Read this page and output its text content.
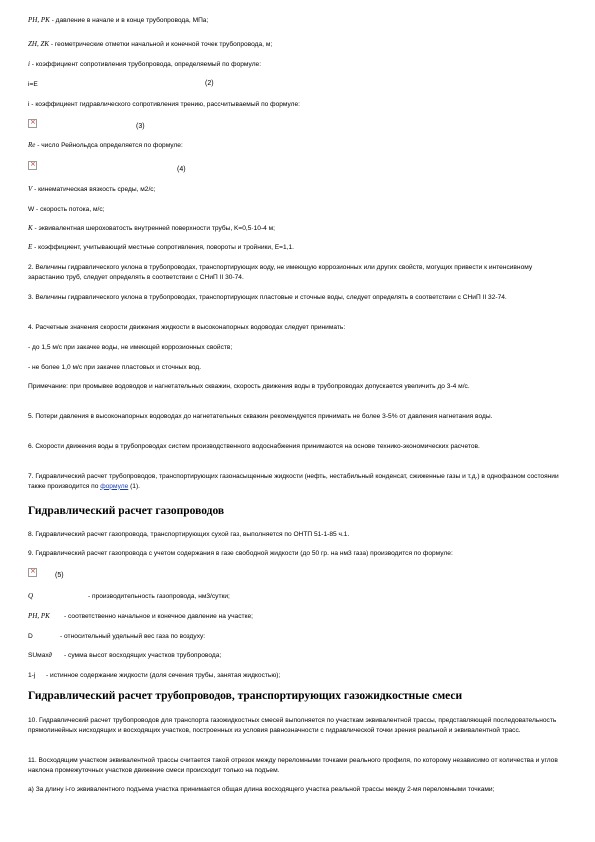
PH, PK - давление в начале и в конце трубопровода, МПа;
ZH, ZK - геометрические отметки начальной и конечной точек трубопровода, м;
i - коэффициент сопротивления трубопровода, определяемый по формуле:
i=E	(2)
i - коэффициент гидравлического сопротивления трению, рассчитываемый по формуле:
×
(3)
Re - число Рейнольдса определяется по формуле:
×
(4)
V - кинематическая вязкость среды, м2/с;
W - скорость потока, м/с;
K - эквивалентная шероховатость внутренней поверхности трубы, K=0,5·10-4 м;
E - коэффициент, учитывающий местные сопротивления, повороты и тройники, E=1,1.
2. Величины гидравлического уклона в трубопроводах, транспортирующих воду, не имеющую коррозионных или других свойств, могущих привести к интенсивному зарастанию труб, следует определять в соответствии с СНиП II 30-74.
3. Величины гидравлического уклона в трубопроводах, транспортирующих пластовые и сточные воды, следует определять в соответствии с СНиП II 32-74.
4. Расчетные значения скорости движения жидкости в высоконапорных водоводах следует принимать:
- до 1,5 м/с при закачке воды, не имеющей коррозионных свойств;
- не более 1,0 м/с при закачке пластовых и сточных вод.
Примечание: при промывке водоводов и нагнетательных скважин, скорость движения воды в трубопроводах допускается увеличить до 3-4 м/с.
5. Потери давления в высоконапорных водоводах до нагнетательных скважин рекомендуется принимать не более 3-5% от давления нагнетания воды.
6. Скорости движения воды в трубопроводах систем производственного водоснабжения принимаются на основе технико-экономических расчетов.
7. Гидравлический расчет трубопроводов, транспортирующих газонасыщенные жидкости (нефть, нестабильный конденсат, сжиженные газы и т.д.) в однофазном состоянии также производится по формуле (1).
Гидравлический расчет газопроводов
8. Гидравлический расчет газопровода, транспортирующих сухой газ, выполняется по ОНТП 51-1-85 ч.1.
9. Гидравлический расчет газопровода с учетом содержания в газе свободной жидкости (до 50 гр. на нм3 газа) производится по формуле:
×
(5)
Q	- производительность газопровода, нм3/сутки;
PH, PK - соответственно начальное и конечное давление на участке;
D	- относительный удельный вес газа по воздуху:
SUмаx∂ - сумма высот восходящих участков трубопровода;
1-j - истинное содержание жидкости (доля сечения трубы, занятая жидкостью);
Гидравлический расчет трубопроводов, транспортирующих газожидкостные смеси
10. Гидравлический расчет трубопроводов для транспорта газожидкостных смесей выполняется по участкам эквивалентной трассы, представляющей последовательность прямолинейных нисходящих и восходящих участков, построенных из условия равнозначности с гидравлической точки зрения реальной и эквивалентной трасс.
11. Восходящим участком эквивалентной трассы считается такой отрезок между переломными точками реального профиля, по которому независимо от количества и углов наклона промежуточных участков движение смеси происходит только на подъем.
а) За длину i-го эквивалентного подъема участка принимается общая длина восходящего участка реальной трассы между 2-мя переломными точками;
